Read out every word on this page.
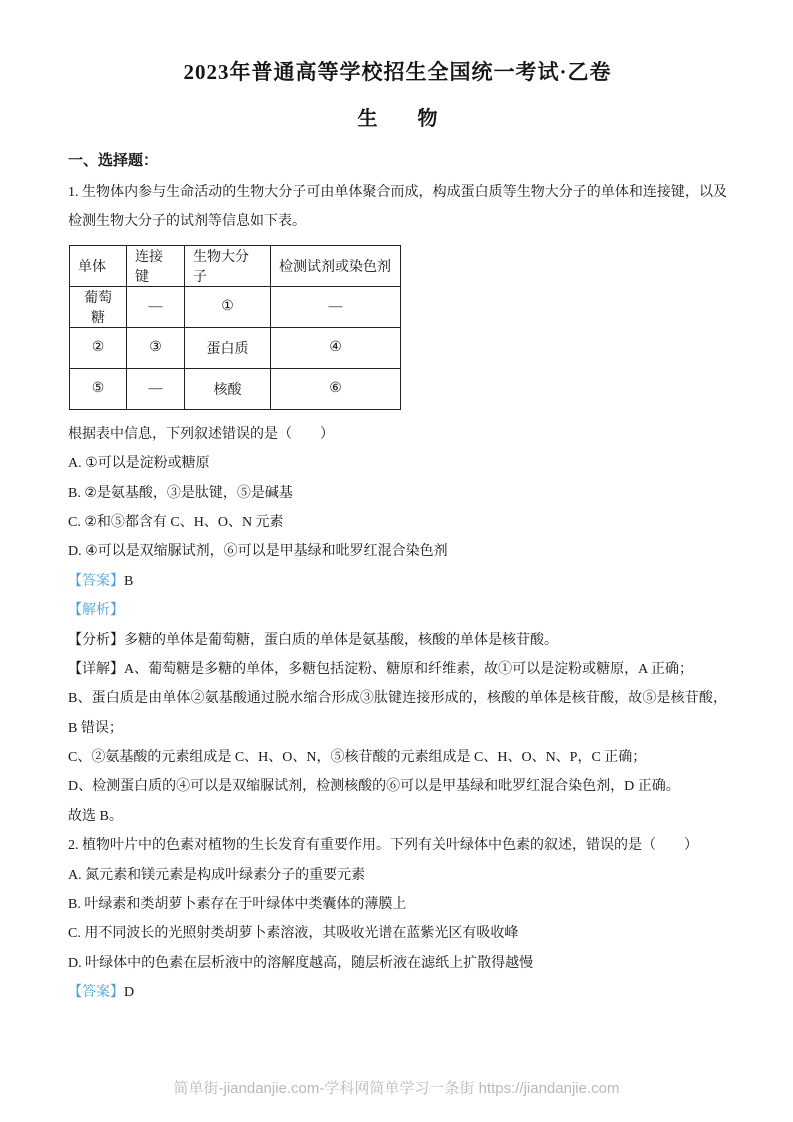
2023年普通高等学校招生全国统一考试·乙卷
生　　物
一、选择题：

1. 生物体内参与生命活动的生物大分子可由单体聚合而成，构成蛋白质等生物大分子的单体和连接键，以及检测生物大分子的试剂等信息如下表。

单体	连接键	生物大分子	检测试剂或染色剂
葡萄糖	—	①	—
②	③	蛋白质	④
⑤	—	核酸	⑥

根据表中信息，下列叙述错误的是（　　）

A. ①可以是淀粉或糖原

B. ②是氨基酸，③是肽键，⑤是碱基

C. ②和⑤都含有 C、H、O、N 元素

D. ④可以是双缩脲试剂，⑥可以是甲基绿和吡罗红混合染色剂

【答案】B

【解析】

【分析】多糖的单体是葡萄糖，蛋白质的单体是氨基酸，核酸的单体是核苷酸。

【详解】A、葡萄糖是多糖的单体，多糖包括淀粉、糖原和纤维素，故①可以是淀粉或糖原，A 正确；

B、蛋白质是由单体②氨基酸通过脱水缩合形成③肽键连接形成的，核酸的单体是核苷酸，故⑤是核苷酸，B 错误；

C、②氨基酸的元素组成是 C、H、O、N，⑤核苷酸的元素组成是 C、H、O、N、P，C 正确；

D、检测蛋白质的④可以是双缩脲试剂，检测核酸的⑥可以是甲基绿和吡罗红混合染色剂，D 正确。

故选 B。

2. 植物叶片中的色素对植物的生长发育有重要作用。下列有关叶绿体中色素的叙述，错误的是（　　）

A. 氮元素和镁元素是构成叶绿素分子的重要元素

B. 叶绿素和类胡萝卜素存在于叶绿体中类囊体的薄膜上

C. 用不同波长的光照射类胡萝卜素溶液，其吸收光谱在蓝紫光区有吸收峰

D. 叶绿体中的色素在层析液中的溶解度越高，随层析液在滤纸上扩散得越慢

【答案】D

简单街-jiandanjie.com-学科网简单学习一条街 https://jiandanjie.com
